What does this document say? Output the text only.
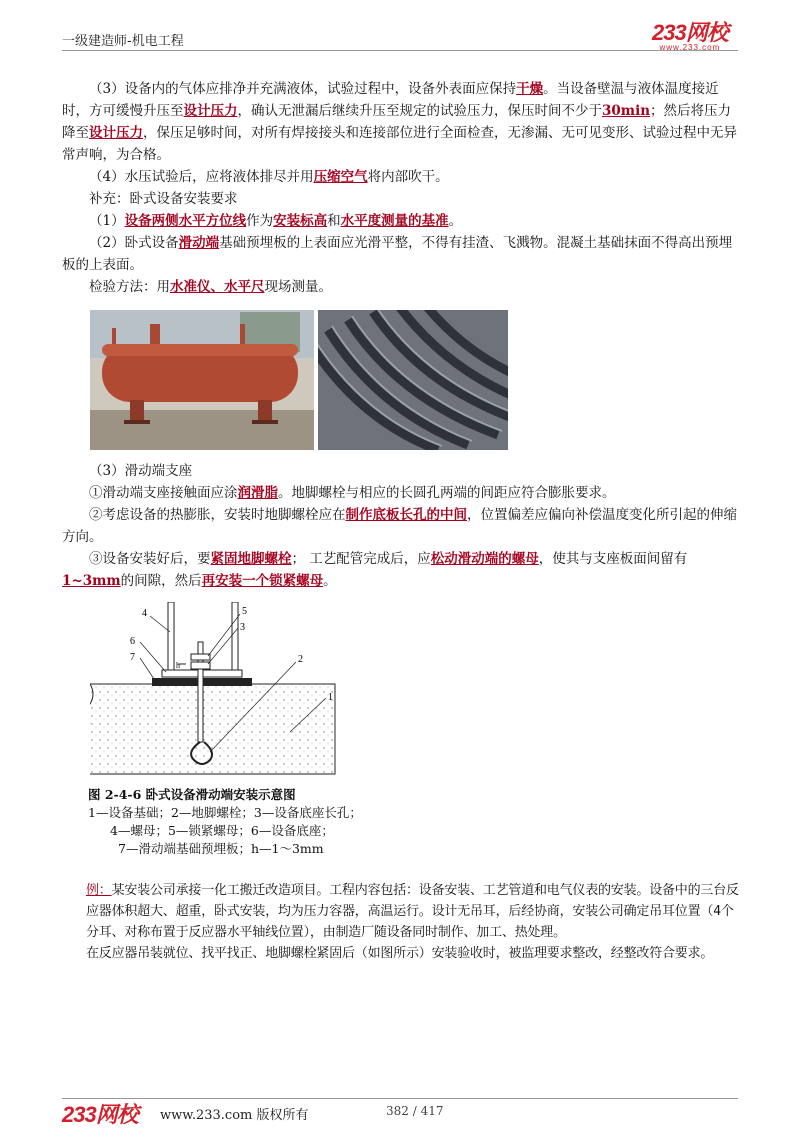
一级建造师-机电工程	233网校
www.233.com

（3）设备内的气体应排净并充满液体，试验过程中，设备外表面应保持干燥。当设备壁温与液体温度接近时，方可缓慢升压至设计压力，确认无泄漏后继续升压至规定的试验压力，保压时间不少于30min；然后将压力降至设计压力，保压足够时间，对所有焊接接头和连接部位进行全面检查，无渗漏、无可见变形、试验过程中无异常声响，为合格。

（4）水压试验后，应将液体排尽并用压缩空气将内部吹干。

补充：卧式设备安装要求

（1）设备两侧水平方位线作为安装标高和水平度测量的基准。

（2）卧式设备滑动端基础预埋板的上表面应光滑平整，不得有挂渣、飞溅物。混凝土基础抹面不得高出预埋板的上表面。

检验方法：用水准仪、水平尺现场测量。

（3）滑动端支座

①滑动端支座接触面应涂润滑脂。地脚螺栓与相应的长圆孔两端的间距应符合膨胀要求。

②考虑设备的热膨胀，安装时地脚螺栓应在制作底板长孔的中间，位置偏差应偏向补偿温度变化所引起的伸缩方向。

③设备安装好后，要紧固地脚螺栓； 工艺配管完成后，应松动滑动端的螺母，使其与支座板面间留有1~3mm的间隙，然后再安装一个锁紧螺母。

h
4	5
3
6
7	2
1
图 2-4-6 卧式设备滑动端安装示意图
1—设备基础；2—地脚螺栓；3—设备底座长孔；
4—螺母；5—锁紧螺母；6—设备底座；
7—滑动端基础预埋板；h—1～3mm

例：某安装公司承接一化工搬迁改造项目。工程内容包括：设备安装、工艺管道和电气仪表的安装。设备中的三台反应器体积超大、超重，卧式安装，均为压力容器，高温运行。设计无吊耳，后经协商，安装公司确定吊耳位置（4个分耳、对称布置于反应器水平轴线位置），由制造厂随设备同时制作、加工、热处理。

在反应器吊装就位、找平找正、地脚螺栓紧固后（如图所示）安装验收时，被监理要求整改，经整改符合要求。

233网校 www.233.com 版权所有	382 / 417
